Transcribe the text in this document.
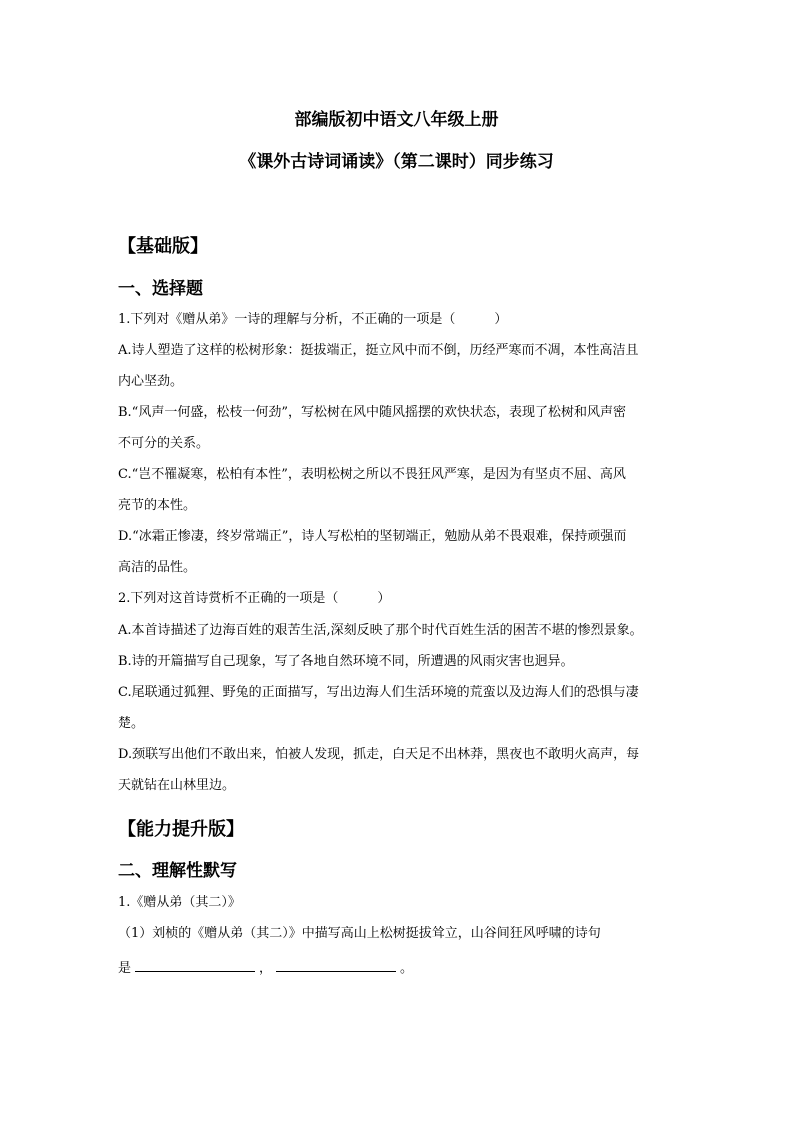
部编版初中语文八年级上册
《课外古诗词诵读》（第二课时）同步练习
【基础版】
一、选择题
1.下列对《赠从弟》一诗的理解与分析，不正确的一项是（　　　）
A.诗人塑造了这样的松树形象：挺拔端正，挺立风中而不倒，历经严寒而不凋，本性高洁且
内心坚劲。
B.“风声一何盛，松枝一何劲”，写松树在风中随风摇摆的欢快状态，表现了松树和风声密
不可分的关系。
C.“岂不罹凝寒，松柏有本性”，表明松树之所以不畏狂风严寒，是因为有坚贞不屈、高风
亮节的本性。
D.“冰霜正惨凄，终岁常端正”，诗人写松柏的坚韧端正，勉励从弟不畏艰难，保持顽强而
高洁的品性。
2.下列对这首诗赏析不正确的一项是（　　　）
A.本首诗描述了边海百姓的艰苦生活,深刻反映了那个时代百姓生活的困苦不堪的惨烈景象。
B.诗的开篇描写自己现象，写了各地自然环境不同，所遭遇的风雨灾害也迥异。
C.尾联通过狐狸、野兔的正面描写，写出边海人们生活环境的荒蛮以及边海人们的恐惧与凄
楚。
D.颈联写出他们不敢出来，怕被人发现，抓走，白天足不出林莽，黑夜也不敢明火高声，每
天就钻在山林里边。
【能力提升版】
二、理解性默写
1.《赠从弟（其二）》
（1）刘桢的《赠从弟（其二）》中描写高山上松树挺拔耸立，山谷间狂风呼啸的诗句
是	，	。
